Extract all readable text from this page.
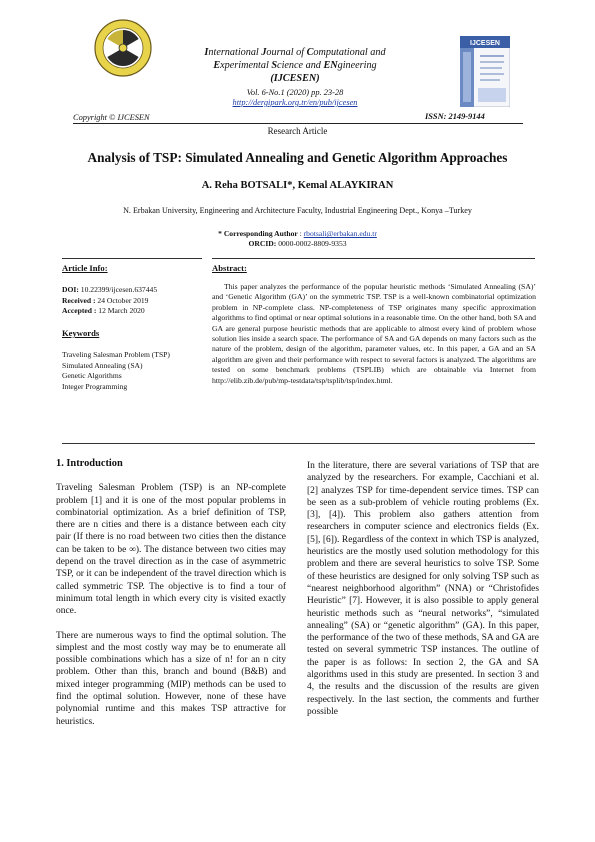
International Journal of Computational and
Experimental Science and ENgineering
(IJCESEN)
Vol. 6-No.1 (2020) pp. 23-28
http://dergipark.org.tr/en/pub/ijcesen
IJCESEN
Copyright © IJCESEN	ISSN: 2149-9144
Research Article
Analysis of TSP: Simulated Annealing and Genetic Algorithm Approaches
A. Reha BOTSALI*, Kemal ALAYKIRAN
N. Erbakan University, Engineering and Architecture Faculty, Industrial Engineering Dept., Konya –Turkey
* Corresponding Author : rbotsali@erbakan.edu.tr
ORCID: 0000-0002-8809-9353
Article Info:
DOI: 10.22399/ijcesen.637445
Received : 24 October 2019
Accepted : 12 March 2020
Keywords
Traveling Salesman Problem (TSP)
Simulated Annealing (SA)
Genetic Algorithms
Integer Programming
Abstract:
This paper analyzes the performance of the popular heuristic methods ‘Simulated Annealing (SA)’ and ‘Genetic Algorithm (GA)’ on the symmetric TSP. TSP is a well-known combinatorial optimization problem in NP-complete class. NP-completeness of TSP originates many specific approximation algorithms to find optimal or near optimal solutions in a reasonable time. On the other hand, both SA and GA are general purpose heuristic methods that are applicable to almost every kind of problem whose solution lies inside a search space. The performance of SA and GA depends on many factors such as the nature of the problem, design of the algorithm, parameter values, etc. In this paper, a GA and an SA algorithm are given and their performance with respect to several factors is analyzed. The algorithms are tested on some benchmark problems (TSPLIB) which are obtainable via Internet from http://elib.zib.de/pub/mp-testdata/tsp/tsplib/tsp/index.html.

1. Introduction

Traveling Salesman Problem (TSP) is an NP-complete problem [1] and it is one of the most popular problems in combinatorial optimization. As a brief definition of TSP, there are n cities and there is a distance between each city pair (If there is no road between two cities then the distance can be taken to be ∞). The distance between two cities may depend on the travel direction as in the case of asymmetric TSP, or it can be independent of the travel direction which is called symmetric TSP. The objective is to find a tour of minimum total length in which every city is visited exactly once.

There are numerous ways to find the optimal solution. The simplest and the most costly way may be to enumerate all possible combinations which has a size of n! for an n city problem. Other than this, branch and bound (B&B) and mixed integer programming (MIP) methods can be used to find the optimal solution. However, none of these have polynomial runtime and this makes TSP attractive for heuristics.

In the literature, there are several variations of TSP that are analyzed by the researchers. For example, Cacchiani et al. [2] analyzes TSP for time-dependent service times. TSP can be seen as a sub-problem of vehicle routing problems (Ex. [3], [4]). This problem also gathers attention from researchers in computer science and electronics fields (Ex. [5], [6]). Regardless of the context in which TSP is analyzed, heuristics are the mostly used solution methodology for this problem and there are several heuristics to solve TSP. Some of these heuristics are designed for only solving TSP such as “nearest neighborhood algorithm” (NNA) or “Christofides Heuristic” [7]. However, it is also possible to apply general heuristic methods such as “neural networks”, “simulated annealing” (SA) or “genetic algorithm” (GA). In this paper, the performance of the two of these methods, SA and GA are tested on several symmetric TSP instances. The outline of the paper is as follows: In section 2, the GA and SA algorithms used in this study are presented. In section 3 and 4, the results and the discussion of the results are given respectively. In the last section, the comments and further possible
